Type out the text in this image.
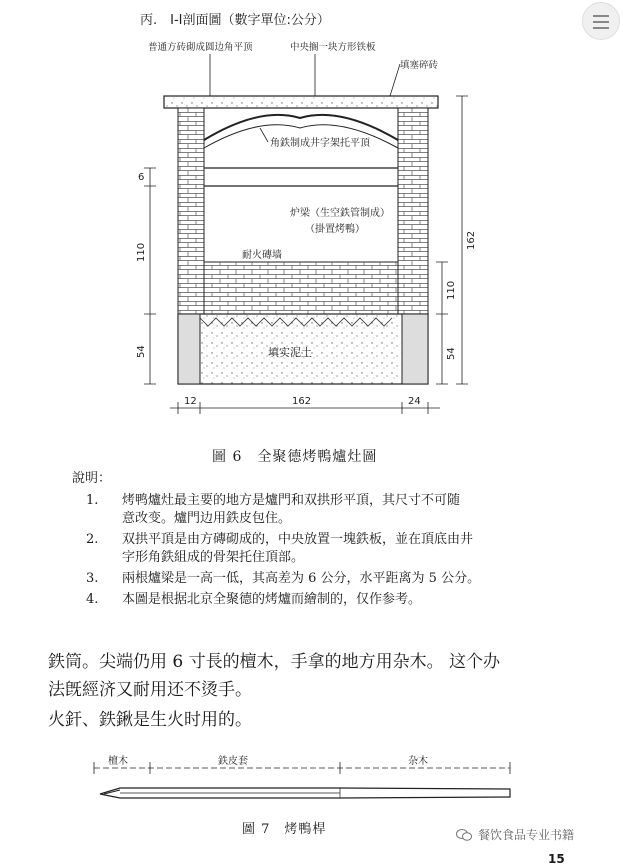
丙.　I-I剖面圖（數字單位:公分）
普通方砖砌成圆边角平顶	中央搁一块方形铁板
填塞碎砖
角鉄制成井字架托平頂
炉梁（生空鉄管制成）
（掛置烤鴨）
耐火磚墙
填实泥土
12	162	24
6
110
54
162
110
54
圖 6　全聚德烤鴨爐灶圖
說明：
1.	烤鸭爐灶最主要的地方是爐門和双拱形平頂，其尺寸不可随
意改变。爐門边用鉄皮包住。
2.	双拱平頂是由方磚砌成的，中央放置一塊鉄板，並在頂底由井
字形角鉄組成的骨架托住頂部。
3.	兩根爐梁是一高一低，其高差为 6 公分，水平距离为 5 公分。
4.	本圖是根据北京全聚德的烤爐而繪制的，仅作参考。
鉄筒。尖端仍用 6 寸長的檀木，手拿的地方用杂木。 这个办
法旣經济又耐用还不烫手。
火釬、鉄鍬是生火时用的。
檀木	鉄皮套	杂木
圖 7　烤鴨桿	餐饮食品专业书籍
15
